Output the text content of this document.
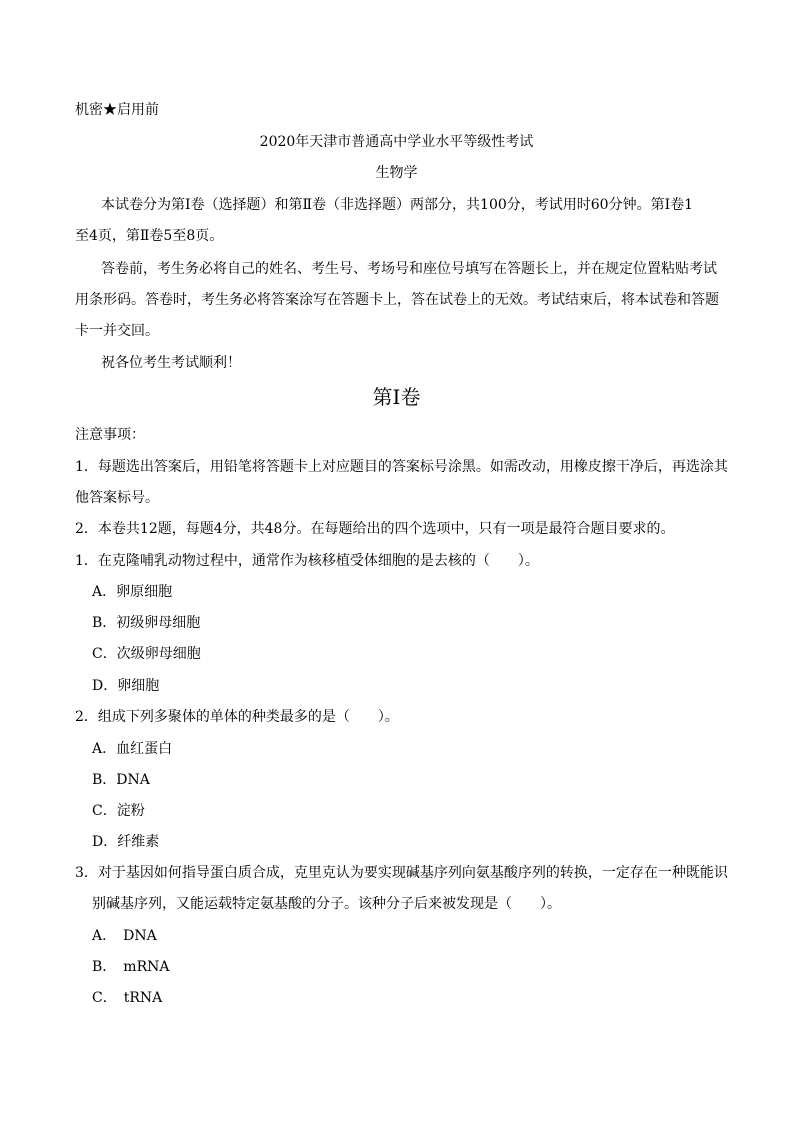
机密★启用前
2020年天津市普通高中学业水平等级性考试
生物学
本试卷分为第Ⅰ卷（选择题）和第Ⅱ卷（非选择题）两部分，共100分，考试用时60分钟。第Ⅰ卷1
至4页，第Ⅱ卷5至8页。
答卷前，考生务必将自己的姓名、考生号、考场号和座位号填写在答题长上，并在规定位置粘贴考试
用条形码。答卷时，考生务必将答案涂写在答题卡上，答在试卷上的无效。考试结束后，将本试卷和答题
卡一并交回。
祝各位考生考试顺利！
第Ⅰ卷
注意事项：
1．每题选出答案后，用铅笔将答题卡上对应题目的答案标号涂黑。如需改动，用橡皮擦干净后，再选涂其
他答案标号。
2．本卷共12题，每题4分，共48分。在每题给出的四个选项中，只有一项是最符合题目要求的。
1．在克隆哺乳动物过程中，通常作为核移植受体细胞的是去核的（　　）。
A．卵原细胞
B．初级卵母细胞
C．次级卵母细胞
D．卵细胞
2．组成下列多聚体的单体的种类最多的是（　　）。
A．血红蛋白
B．DNA
C．淀粉
D．纤维素
3．对于基因如何指导蛋白质合成，克里克认为要实现碱基序列向氨基酸序列的转换，一定存在一种既能识
别碱基序列，又能运载特定氨基酸的分子。该种分子后来被发现是（　　）。
A．　DNA
B．　mRNA
C．　tRNA
